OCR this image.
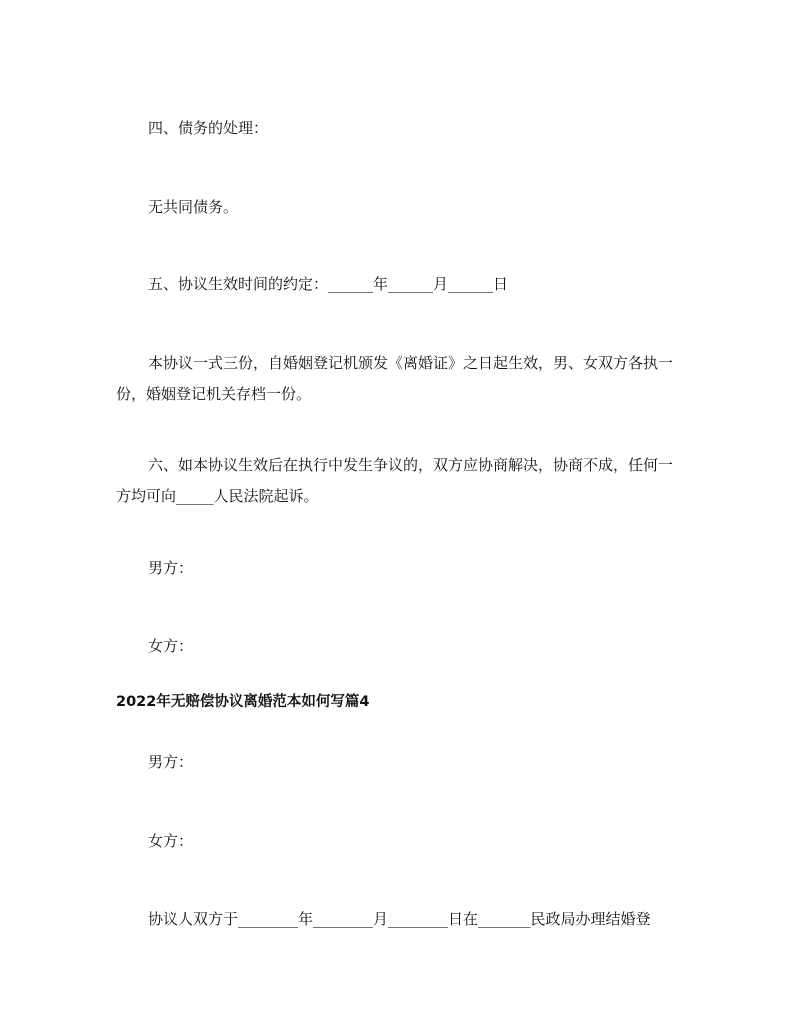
四、债务的处理：
无共同债务。
五、协议生效时间的约定：______年______月______日
本协议一式三份，自婚姻登记机颁发《离婚证》之日起生效，男、女双方各执一份，婚姻登记机关存档一份。
六、如本协议生效后在执行中发生争议的，双方应协商解决，协商不成，任何一方均可向_____人民法院起诉。
男方：
女方：
2022年无赔偿协议离婚范本如何写篇4
男方：
女方：
协议人双方于________年________月________日在_______民政局办理结婚登
